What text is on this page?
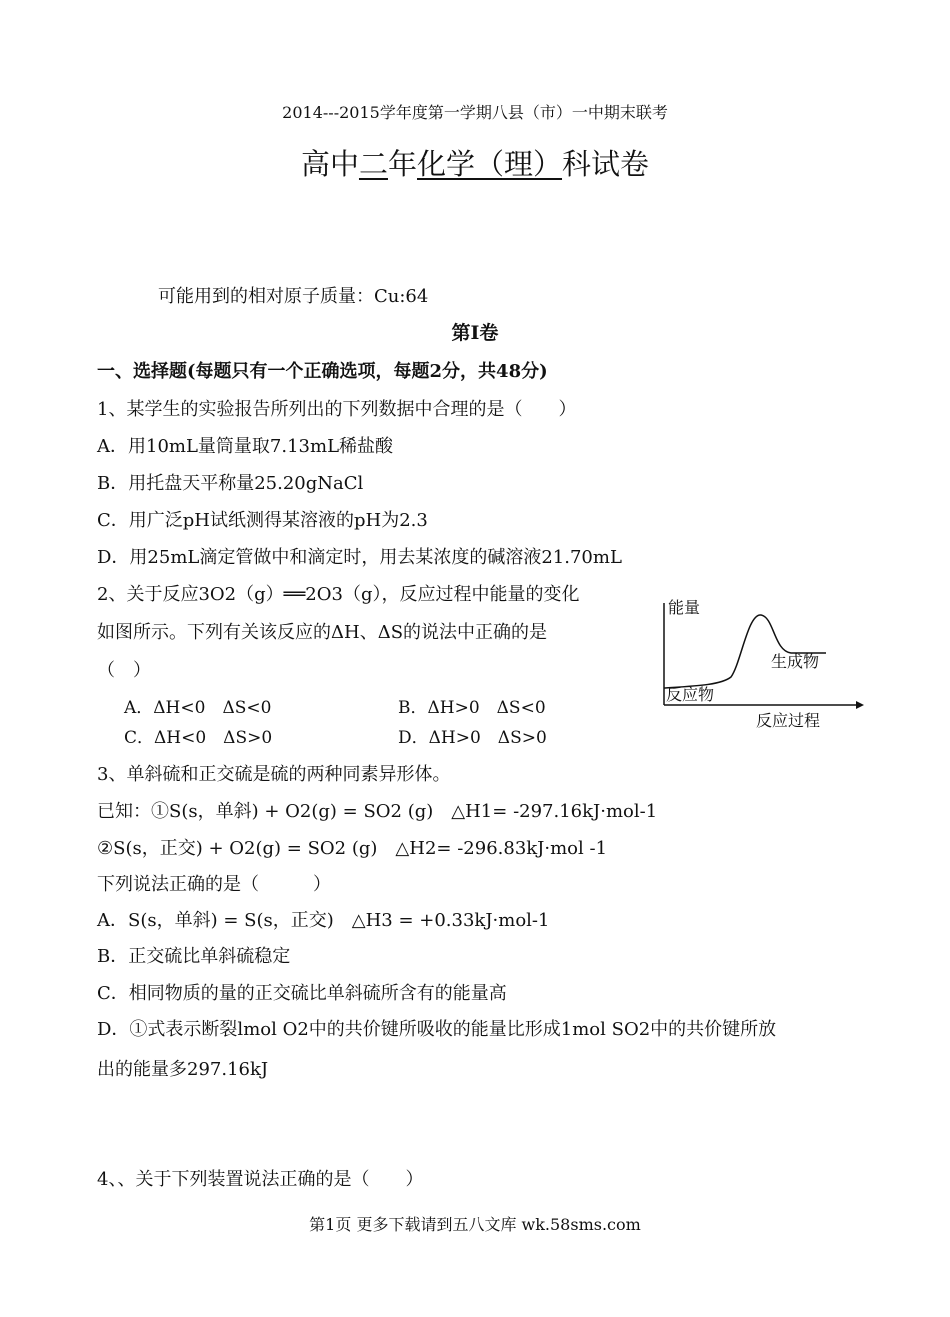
2014---2015学年度第一学期八县（市）一中期末联考
高中二年化学（理）科试卷
可能用到的相对原子质量：Cu:64
第Ⅰ卷
一、选择题(每题只有一个正确选项，每题2分，共48分)
1、某学生的实验报告所列出的下列数据中合理的是（　　）
A．用10mL量筒量取7.13mL稀盐酸
B．用托盘天平称量25.20gNaCl
C．用广泛pH试纸测得某溶液的pH为2.3
D．用25mL滴定管做中和滴定时，用去某浓度的碱溶液21.70mL
2、关于反应3O2（g）══2O3（g），反应过程中能量的变化
如图所示。下列有关该反应的ΔH、ΔS的说法中正确的是
（　）
A．ΔH<0　ΔS<0	B．ΔH>0　ΔS<0
C．ΔH<0　ΔS>0	D．ΔH>0　ΔS>0
能量
生成物
反应物
反应过程
3、单斜硫和正交硫是硫的两种同素异形体。
已知：①S(s，单斜) + O2(g) = SO2 (g)　△H1= -297.16kJ·mol-1
②S(s，正交) + O2(g) = SO2 (g)　△H2= -296.83kJ·mol -1
下列说法正确的是（　　　）
A．S(s，单斜) = S(s，正交)　△H3 = +0.33kJ·mol-1
B．正交硫比单斜硫稳定
C．相同物质的量的正交硫比单斜硫所含有的能量高
D．①式表示断裂lmol O2中的共价键所吸收的能量比形成1mol SO2中的共价键所放
出的能量多297.16kJ
4、、关于下列装置说法正确的是（　　）
第1页 更多下载请到五八文库 wk.58sms.com
